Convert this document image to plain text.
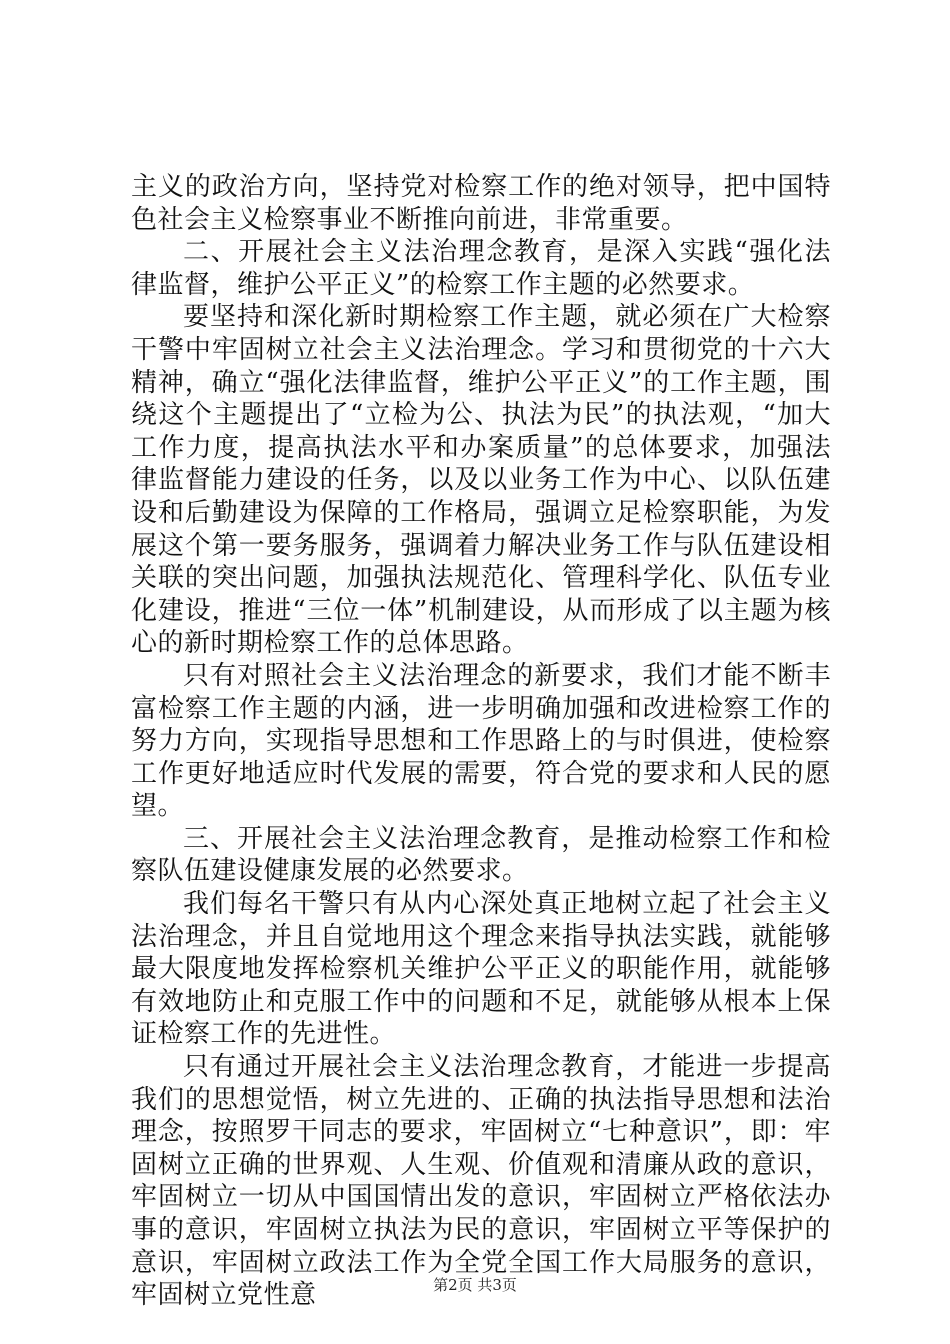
主义的政治方向，坚持党对检察工作的绝对领导，把中国特色社会主义检察事业不断推向前进，非常重要。

二、开展社会主义法治理念教育，是深入实践“强化法律监督，维护公平正义”的检察工作主题的必然要求。

要坚持和深化新时期检察工作主题，就必须在广大检察干警中牢固树立社会主义法治理念。学习和贯彻党的十六大精神，确立“强化法律监督，维护公平正义”的工作主题，围绕这个主题提出了“立检为公、执法为民”的执法观，“加大工作力度，提高执法水平和办案质量”的总体要求，加强法律监督能力建设的任务，以及以业务工作为中心、以队伍建设和后勤建设为保障的工作格局，强调立足检察职能，为发展这个第一要务服务，强调着力解决业务工作与队伍建设相关联的突出问题，加强执法规范化、管理科学化、队伍专业化建设，推进“三位一体”机制建设，从而形成了以主题为核心的新时期检察工作的总体思路。

只有对照社会主义法治理念的新要求，我们才能不断丰富检察工作主题的内涵，进一步明确加强和改进检察工作的努力方向，实现指导思想和工作思路上的与时俱进，使检察工作更好地适应时代发展的需要，符合党的要求和人民的愿望。

三、开展社会主义法治理念教育，是推动检察工作和检察队伍建设健康发展的必然要求。

我们每名干警只有从内心深处真正地树立起了社会主义法治理念，并且自觉地用这个理念来指导执法实践，就能够最大限度地发挥检察机关维护公平正义的职能作用，就能够有效地防止和克服工作中的问题和不足，就能够从根本上保证检察工作的先进性。

只有通过开展社会主义法治理念教育，才能进一步提高我们的思想觉悟，树立先进的、正确的执法指导思想和法治理念，按照罗干同志的要求，牢固树立“七种意识”，即：牢固树立正确的世界观、人生观、价值观和清廉从政的意识，牢固树立一切从中国国情出发的意识，牢固树立严格依法办事的意识，牢固树立执法为民的意识，牢固树立平等保护的意识，牢固树立政法工作为全党全国工作大局服务的意识，牢固树立党性意	第2页 共3页
